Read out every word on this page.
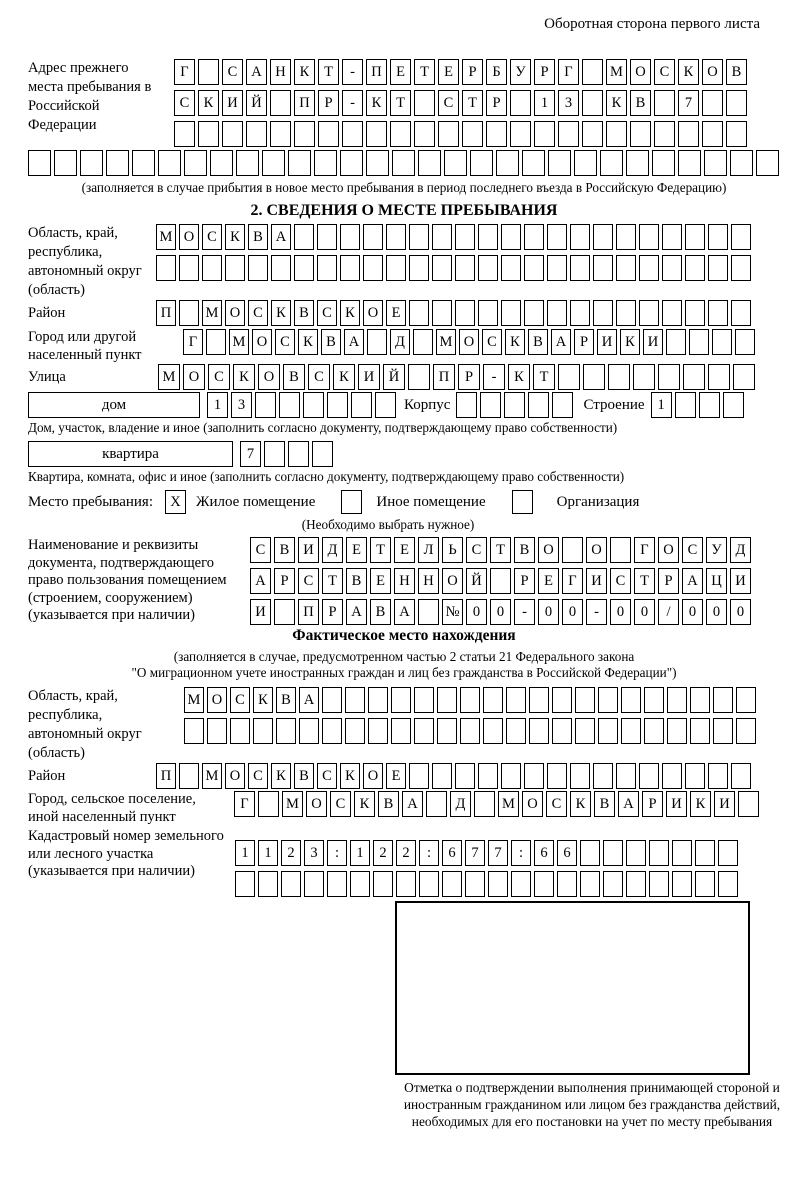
Оборотная сторона первого листа
Адрес прежнего места пребывания в Российской Федерации
Г	С А Н К	Т	-	П Е	Т	Е	Р	Б	У	Р	Г	М О С К О В
С К И Й	П	Р	-	К	Т	С	Т	Р	1	3	К В	7
(заполняется в случае прибытия в новое место пребывания в период последнего въезда в Российскую Федерацию)
2. СВЕДЕНИЯ О МЕСТЕ ПРЕБЫВАНИЯ
Область, край, республика, автономный округ (область)
М О С К В А
Район	П	М О С К В С К О Е
Город или другой населенный пункт
Г	М О С К В А	Д	М О С К В А Р И К И
Улица	М О	С	К	О	В	С	К	И	Й	П	Р	-	К	Т
дом	1	3	Корпус	Строение 1
Дом, участок, владение и иное (заполнить согласно документу, подтверждающему право собственности)
квартира	7
Квартира, комната, офис и иное (заполнить согласно документу, подтверждающему право собственности)
Место пребывания:	X	Жилое помещение	Иное помещение	Организация
(Необходимо выбрать нужное)
Наименование и реквизиты документа, подтверждающего право пользования помещением (строением, сооружением) (указывается при наличии)
С В И Д	Е	Т	Е	Л	Ь	С	Т	В О	О	Г	О С У Д
А	Р	С	Т	В	Е Н Н О Й	Р	Е	Г	И С	Т	Р	А Ц И
И	П	Р	А В А	№ 0	0	-	0	0	-	0	0	/	0	0	0
Фактическое место нахождения
(заполняется в случае, предусмотренном частью 2 статьи 21 Федерального закона
"О миграционном учете иностранных граждан и лиц без гражданства в Российской Федерации")
Область, край, республика, автономный округ (область)
М О С К В А
Район	П	М О С К В С К О Е
Город, сельское поселение, иной населенный пункт
Г	М О С К В А	Д	М О С К В А	Р	И К И
Кадастровый номер земельного или лесного участка (указывается при наличии)
1	1	2	3	:	1	2	2	:	6	7	7	:	6	6
Отметка о подтверждении выполнения принимающей стороной и иностранным гражданином или лицом без гражданства действий, необходимых для его постановки на учет по месту пребывания
